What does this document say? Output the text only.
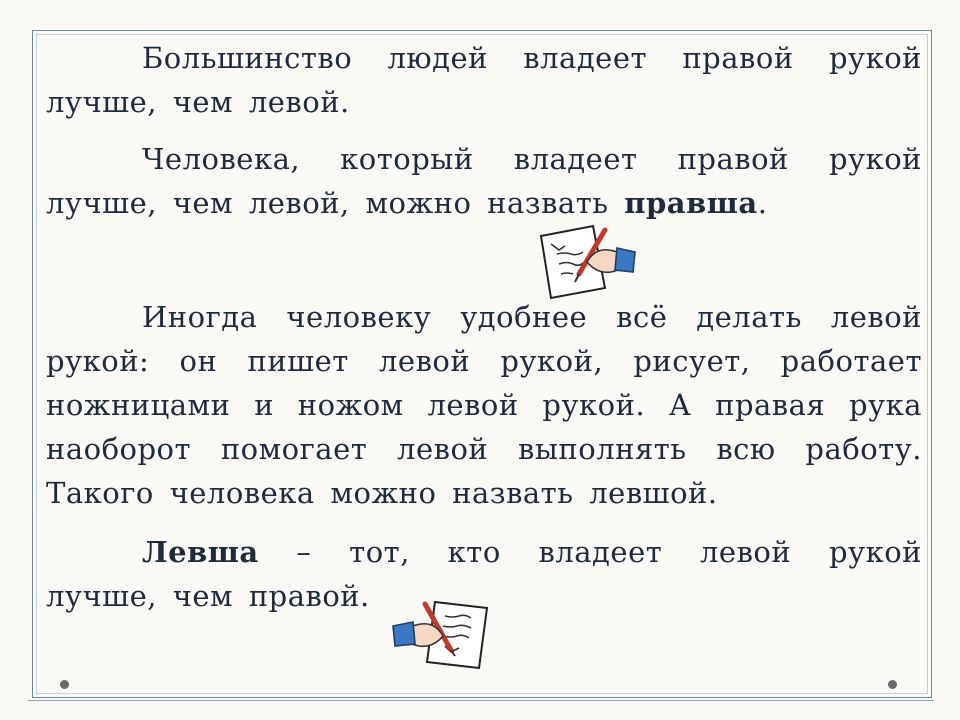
Большинство людей владеет правой рукой
лучше, чем левой.

Человека, который владеет правой рукой
лучше, чем левой, можно назвать правша.

Иногда человеку удобнее всё делать левой
рукой: он пишет левой рукой, рисует, работает ножницами и ножом левой рукой. А правая рука наоборот помогает левой выполнять всю работу. Такого человека можно назвать левшой.

Левша – тот, кто владеет левой рукой
лучше, чем правой.
